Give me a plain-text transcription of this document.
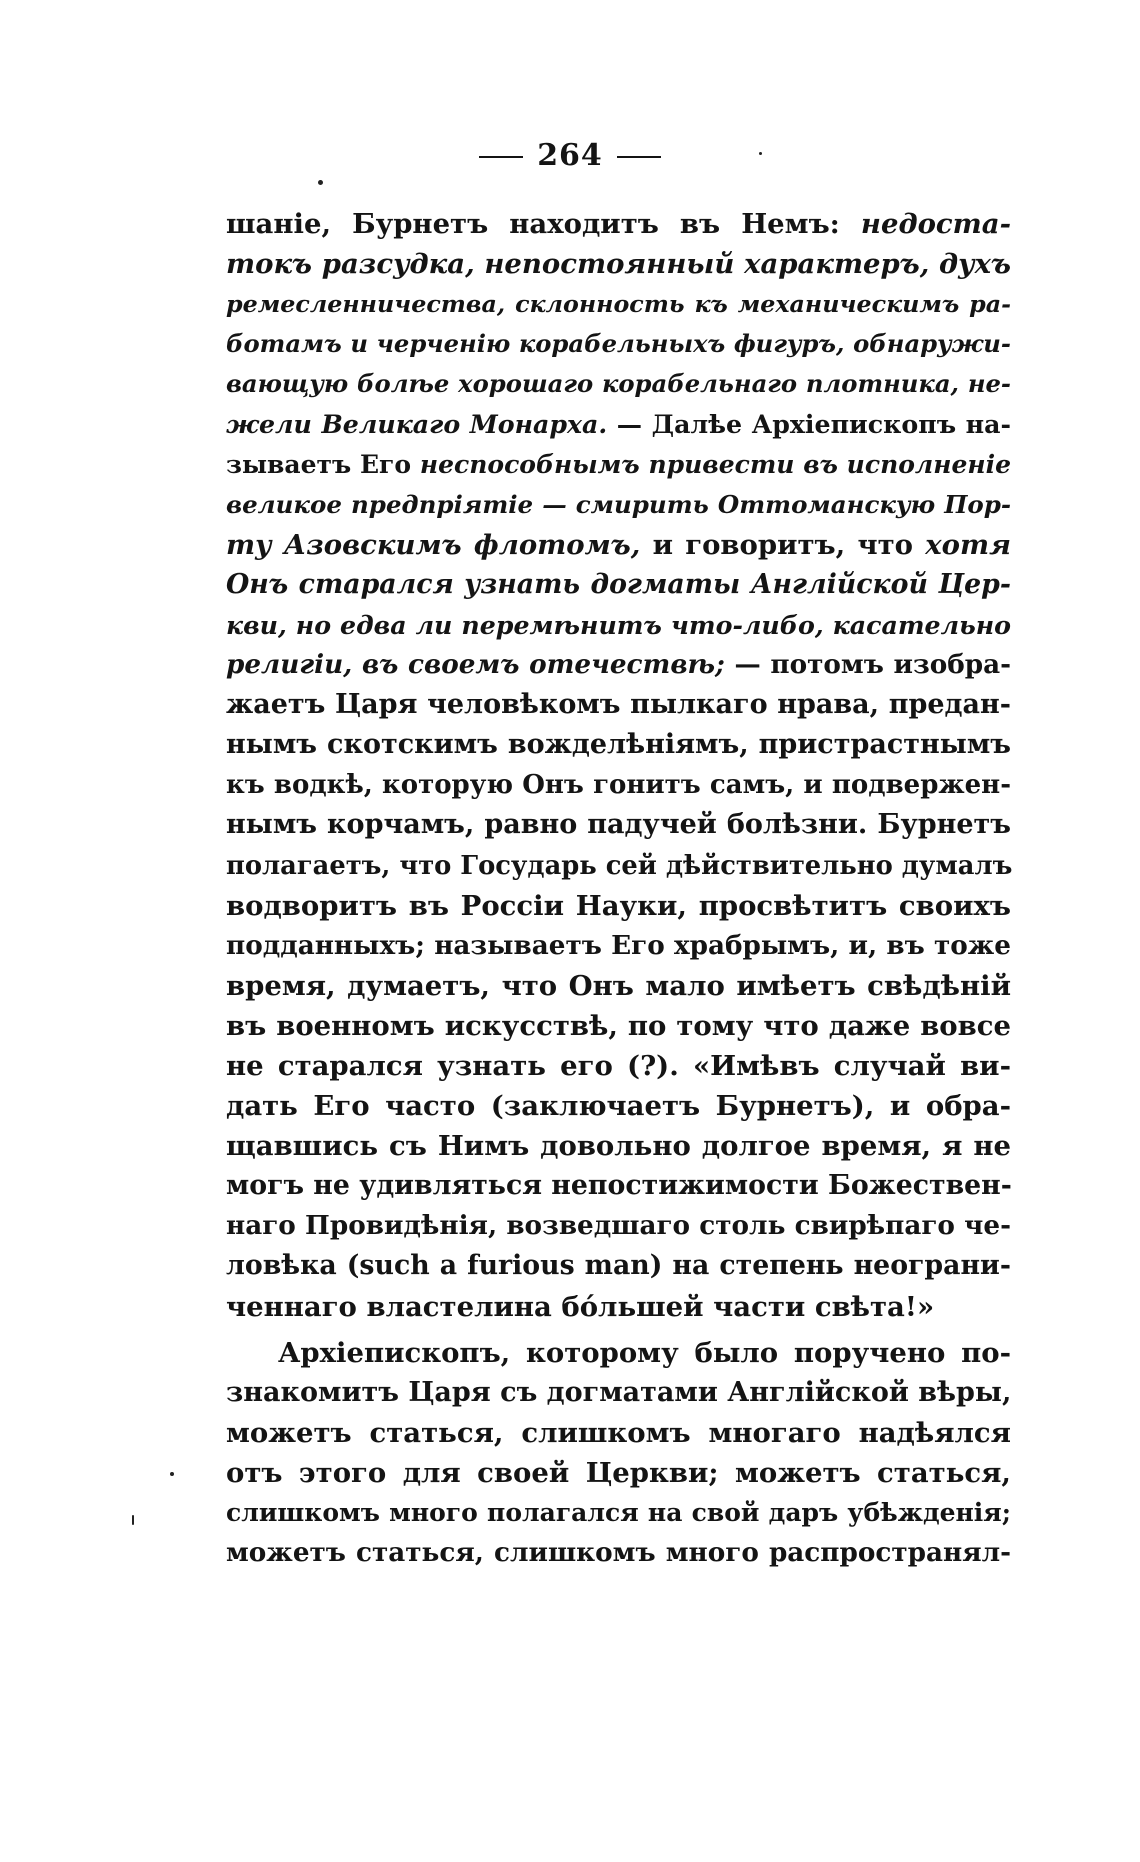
264
шаніе, Бурнетъ находитъ въ Немъ: недостa-
токъ разсудка, непостоянный характеръ, духъ
ремесленничества, склонность къ механическимъ ра-
ботамъ и черченію корабельныхъ фигуръ, обнаружи-
вающую болѣе хорошаго корабельнаго плотника, не-
жели Великаго Монарха. — Далѣе Архіепископъ на-
зываетъ Его неспособнымъ привести въ исполненіе
великое предпріятіе — смирить Оттоманскую Пор-
ту Азовскимъ флотомъ, и говоритъ, что хотя
Онъ старался узнать догматы Англійской Цер-
кви, но едва ли перемѣнитъ что-либо, касательно
религіи, въ своемъ отечествѣ; — потомъ изобра-
жаетъ Царя человѣкомъ пылкаго нрава, предан-
нымъ скотскимъ вожделѣніямъ, пристрастнымъ
къ водкѣ, которую Онъ гонитъ самъ, и подвержен-
нымъ корчамъ, равно падучей болѣзни. Бурнетъ
полагаетъ, что Государь сей дѣйствительно думалъ
водворитъ въ Россіи Науки, просвѣтитъ своихъ
подданныхъ; называетъ Его храбрымъ, и, въ тоже
время, думаетъ, что Онъ мало имѣетъ свѣдѣній
въ военномъ искусствѣ, по тому что даже вовсе
не старался узнать его (?). «Имѣвъ случай ви-
дать Его часто (заключаетъ Бурнетъ), и обра-
щавшись съ Нимъ довольно долгое время, я не
могъ не удивляться непостижимости Божествен-
наго Провидѣнія, возведшаго столь свирѣпаго че-
ловѣка (such a furious man) на степень неограни-
ченнаго властелина бóльшей части свѣта!»
Архіепископъ, которому было поручено по-
знакомитъ Царя съ догматами Англійской вѣры,
можетъ статься, слишкомъ многаго надѣялся
отъ этого для своей Церкви; можетъ статься,
слишкомъ много полагался на свой даръ убѣжденія;
можетъ статься, слишкомъ много распространял-
